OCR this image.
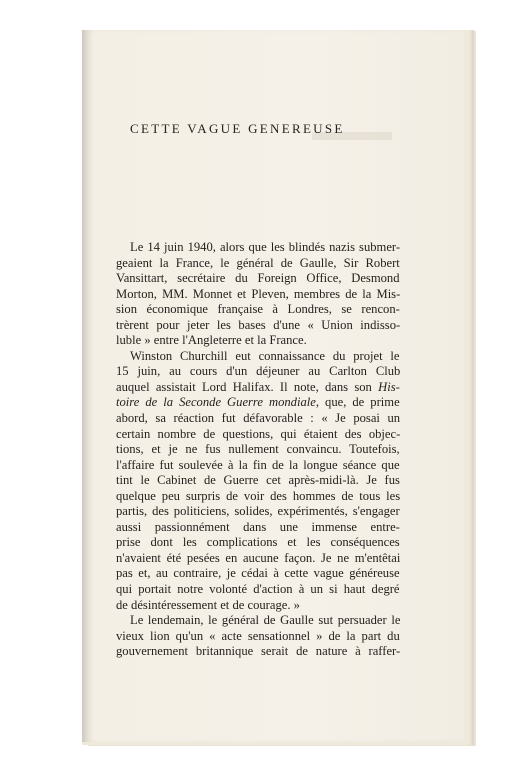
CETTE VAGUE GENEREUSE
Le 14 juin 1940, alors que les blindés nazis submer-
geaient la France, le général de Gaulle, Sir Robert
Vansittart, secrétaire du Foreign Office, Desmond
Morton, MM. Monnet et Pleven, membres de la Mis-
sion économique française à Londres, se rencon-
trèrent pour jeter les bases d'une « Union indisso-
luble » entre l'Angleterre et la France.
Winston Churchill eut connaissance du projet le
15 juin, au cours d'un déjeuner au Carlton Club
auquel assistait Lord Halifax. Il note, dans son His-
toire de la Seconde Guerre mondiale, que, de prime
abord, sa réaction fut défavorable : « Je posai un
certain nombre de questions, qui étaient des objec-
tions, et je ne fus nullement convaincu. Toutefois,
l'affaire fut soulevée à la fin de la longue séance que
tint le Cabinet de Guerre cet après-midi-là. Je fus
quelque peu surpris de voir des hommes de tous les
partis, des politiciens, solides, expérimentés, s'engager
aussi passionnément dans une immense entre-
prise dont les complications et les conséquences
n'avaient été pesées en aucune façon. Je ne m'entêtai
pas et, au contraire, je cédai à cette vague généreuse
qui portait notre volonté d'action à un si haut degré
de désintéressement et de courage. »
Le lendemain, le général de Gaulle sut persuader le
vieux lion qu'un « acte sensationnel » de la part du
gouvernement britannique serait de nature à raffer-
